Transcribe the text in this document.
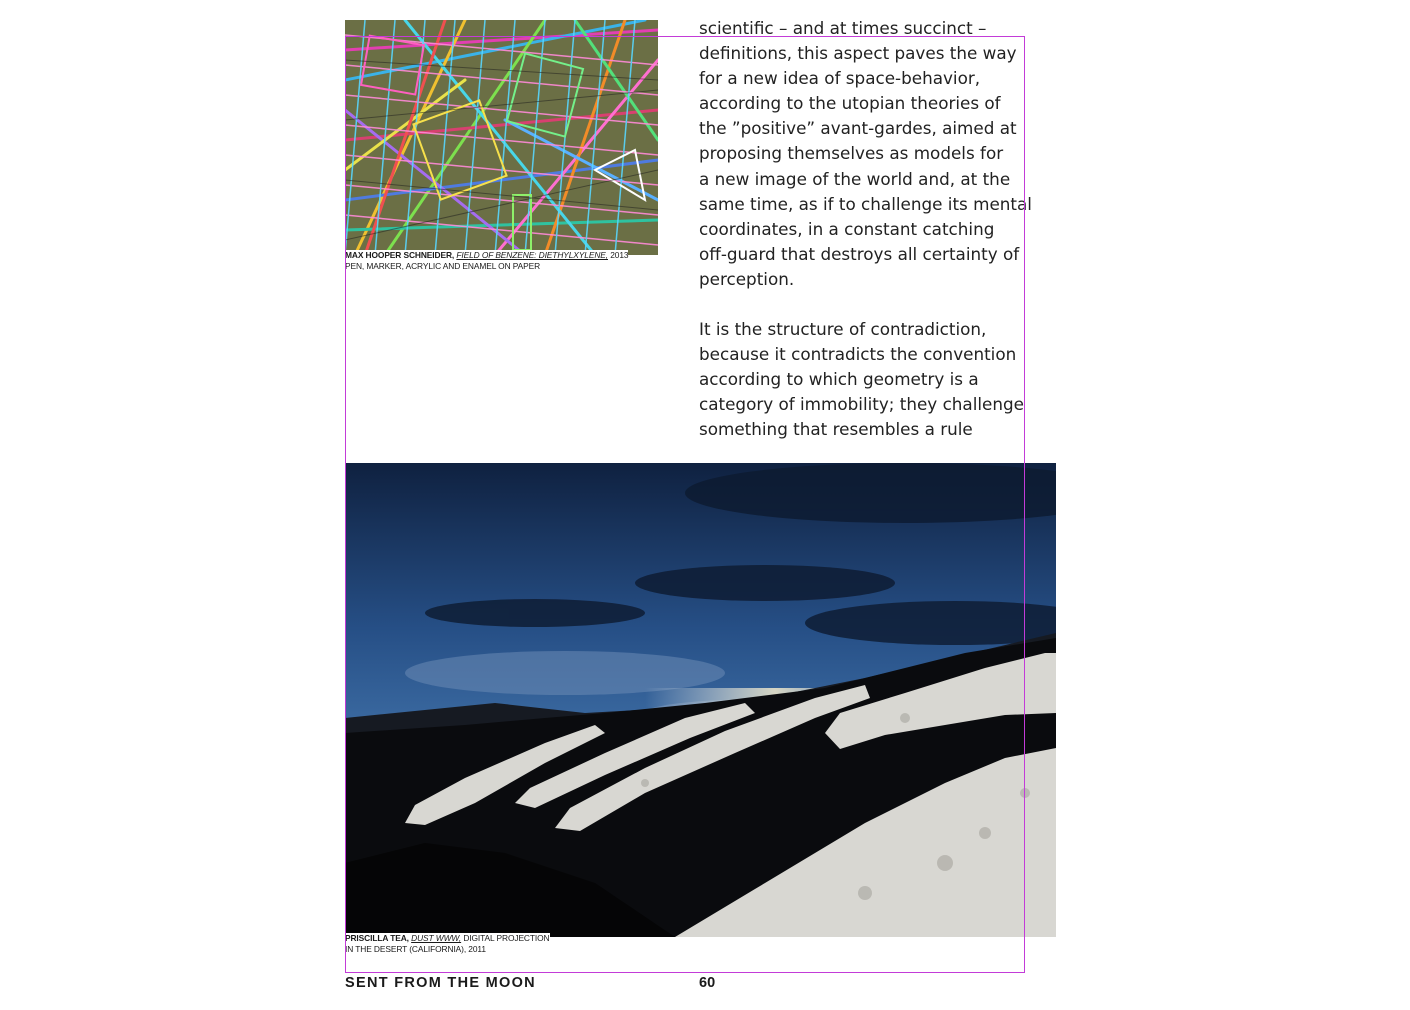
MAX HOOPER SCHNEIDER, FIELD OF BENZENE: DIETHYLXYLENE, 2013
PEN, MARKER, ACRYLIC AND ENAMEL ON PAPER

scientific – and at times succinct –
definitions, this aspect paves the way
for a new idea of space-behavior,
according to the utopian theories of
the ”positive” avant-gardes, aimed at
proposing themselves as models for
a new image of the world and, at the
same time, as if to challenge its mental
coordinates, in a constant catching
off-guard that destroys all certainty of
perception.

It is the structure of contradiction,
because it contradicts the convention
according to which geometry is a
category of immobility; they challenge
something that resembles a rule

PRISCILLA TEA, DUST WWW, DIGITAL PROJECTION
IN THE DESERT (CALIFORNIA), 2011
SENT FROM THE MOON	60
